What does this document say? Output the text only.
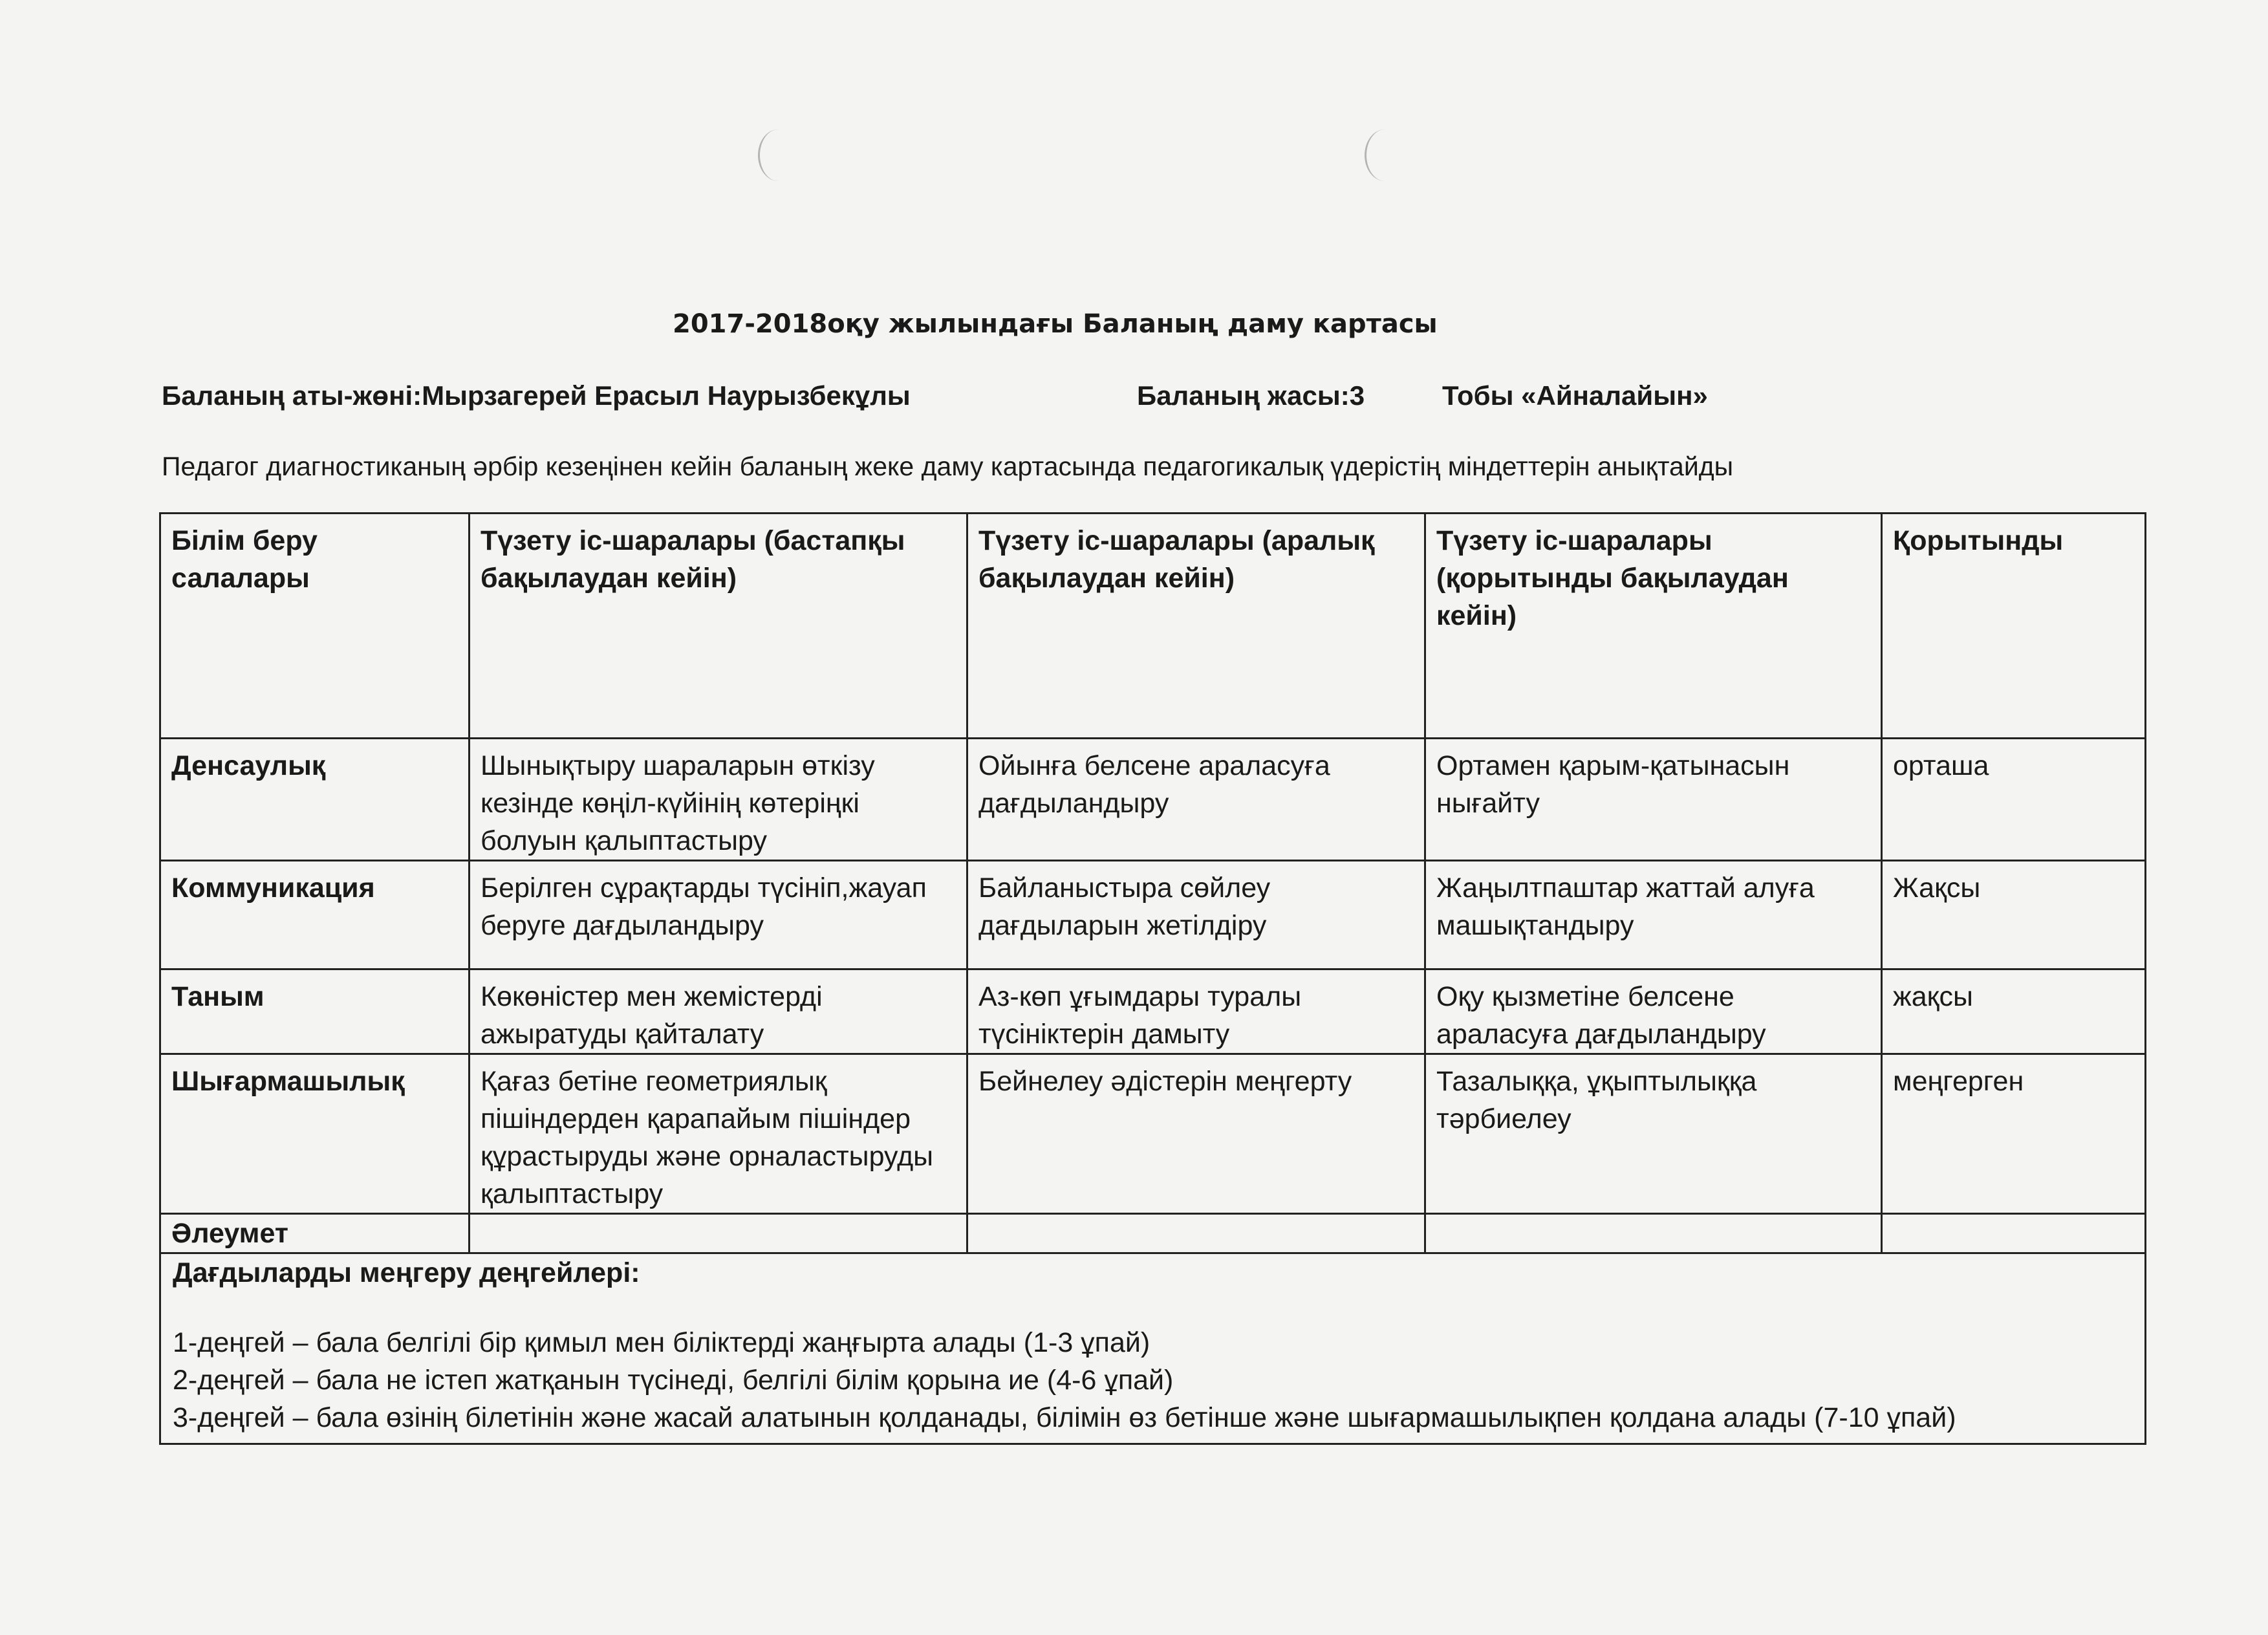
2017-2018оқу жылындағы Баланың даму картасы
Баланың аты-жөні:Мырзагерей Ерасыл Наурызбекұлы	Баланың жасы:3	Тобы «Айналайын»
Педагог диагностиканың әрбір кезеңінен кейін баланың жеке даму картасында педагогикалық үдерістің міндеттерін анықтайды
Білім беру салалары	Түзету іс-шаралары (бастапқы бақылаудан кейін)	Түзету іс-шаралары (аралық бақылаудан кейін)	Түзету іс-шаралары (қорытынды бақылаудан кейін)	Қорытынды
Денсаулық	Шынықтыру шараларын өткізу кезінде көңіл-күйінің көтеріңкі болуын қалыптастыру	Ойынға белсене араласуға дағдыландыру	Ортамен қарым-қатынасын нығайту	орташа
Коммуникация	Берілген сұрақтарды түсініп,жауап беруге дағдыландыру	Байланыстыра сөйлеу дағдыларын жетілдіру	Жаңылтпаштар жаттай алуға машықтандыру	Жақсы
Таным	Көкөністер мен жемістерді ажыратуды қайталату	Аз-көп ұғымдары туралы түсініктерін дамыту	Оқу қызметіне белсене араласуға дағдыландыру	жақсы
Шығармашылық	Қағаз бетіне геометриялық пішіндерден қарапайым пішіндер құрастыруды және орналастыруды қалыптастыру	Бейнелеу әдістерін меңгерту	Тазалыққа, ұқыптылыққа тәрбиелеу	меңгерген
Әлеумет				

Дағдыларды меңгеру деңгейлері:
1-деңгей – бала белгілі бір қимыл мен біліктерді жаңғырта алады (1-3 ұпай)
2-деңгей – бала не істеп жатқанын түсінеді, белгілі білім қорына ие (4-6 ұпай)
3-деңгей – бала өзінің білетінін және жасай алатынын қолданады, білімін өз бетінше және шығармашылықпен қолдана алады (7-10 ұпай)				
